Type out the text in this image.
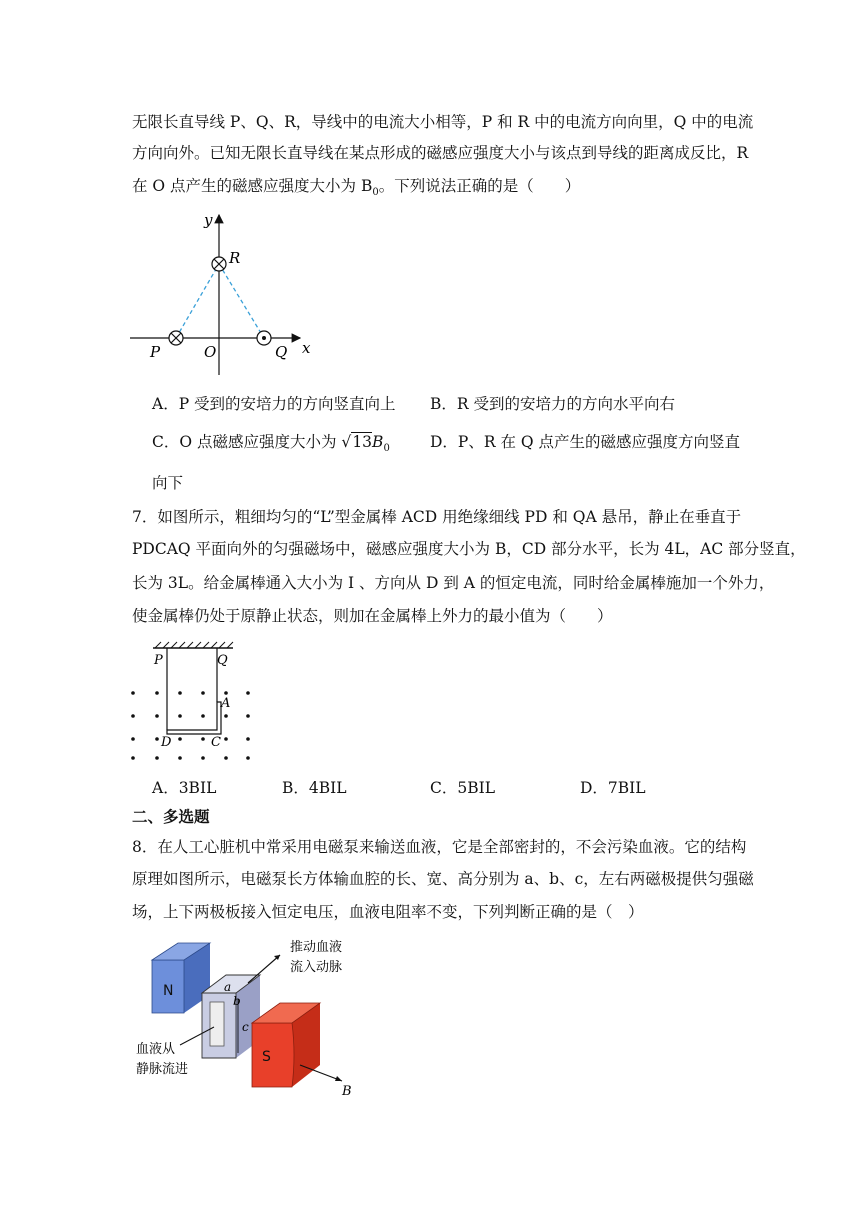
无限长直导线 P、Q、R，导线中的电流大小相等，P 和 R 中的电流方向向里，Q 中的电流
方向向外。已知无限长直导线在某点形成的磁感应强度大小与该点到导线的距离成反比，R
在 O 点产生的磁感应强度大小为 $B_0$。下列说法正确的是（　　）
y
x
R
P	O	Q
A．P 受到的安培力的方向竖直向上 B．R 受到的安培力的方向水平向右
C．O 点磁感应强度大小为 $√13B_0$	D．P、R 在 Q 点产生的磁感应强度方向竖直
向下
7．如图所示，粗细均匀的“L”型金属棒 ACD 用绝缘细线 PD 和 QA 悬吊，静止在垂直于
PDCAQ 平面向外的匀强磁场中，磁感应强度大小为 B，CD 部分水平，长为 4L，AC 部分竖直，
长为 3L。给金属棒通入大小为 I 、方向从 D 到 A 的恒定电流，同时给金属棒施加一个外力，
使金属棒仍处于原静止状态，则加在金属棒上外力的最小值为（　　）
P	Q
A
D	C
A．3BIL	B．4BIL	C．5BIL	D．7BIL
二、多选题
8．在人工心脏机中常采用电磁泵来输送血液，它是全部密封的，不会污染血液。它的结构
原理如图所示，电磁泵长方体输血腔的长、宽、高分别为 a、b、c，左右两磁极提供匀强磁
场，上下两极板接入恒定电压，血液电阻率不变，下列判断正确的是（　）
N
S
a
b
c
B
推动血液
流入动脉
血液从
静脉流进
